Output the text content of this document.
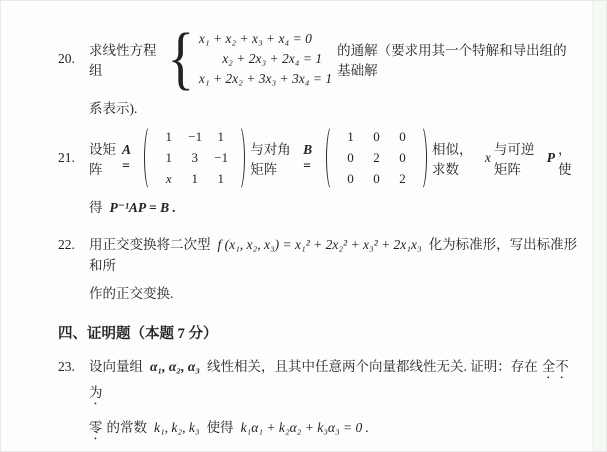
20.
求线性方程组 { x₁ + x₂ + x₃ + x₄ = 0
x₂ + 2x₃ + 2x₄ = 1
x₁ + 2x₂ + 3x₃ + 3x₄ = 1
的通解（要求用其一个特解和导出组的基础解
系表示).
21.
设矩阵
A =
1 −1 1
1 3 −1
x 1 1
与对角矩阵
B =
1 0 0
0 2 0
0 0 2
相似，求数
x
与可逆矩阵
P
，使
得 P⁻¹AP = B .
22. 用正交变换将二次型 f (x₁, x₂, x₃) = x₁² + 2x₂² + x₃² + 2x₁x₃ 化为标准形，写出标准形和所
作的正交变换.
四、证明题（本题 7 分）
23. 设向量组 α₁, α₂, α₃ 线性相关，且其中任意两个向量都线性无关. 证明：存在 全不为
零 的常数 k₁, k₂, k₃ 使得 k₁α₁ + k₂α₂ + k₃α₃ = 0 .
